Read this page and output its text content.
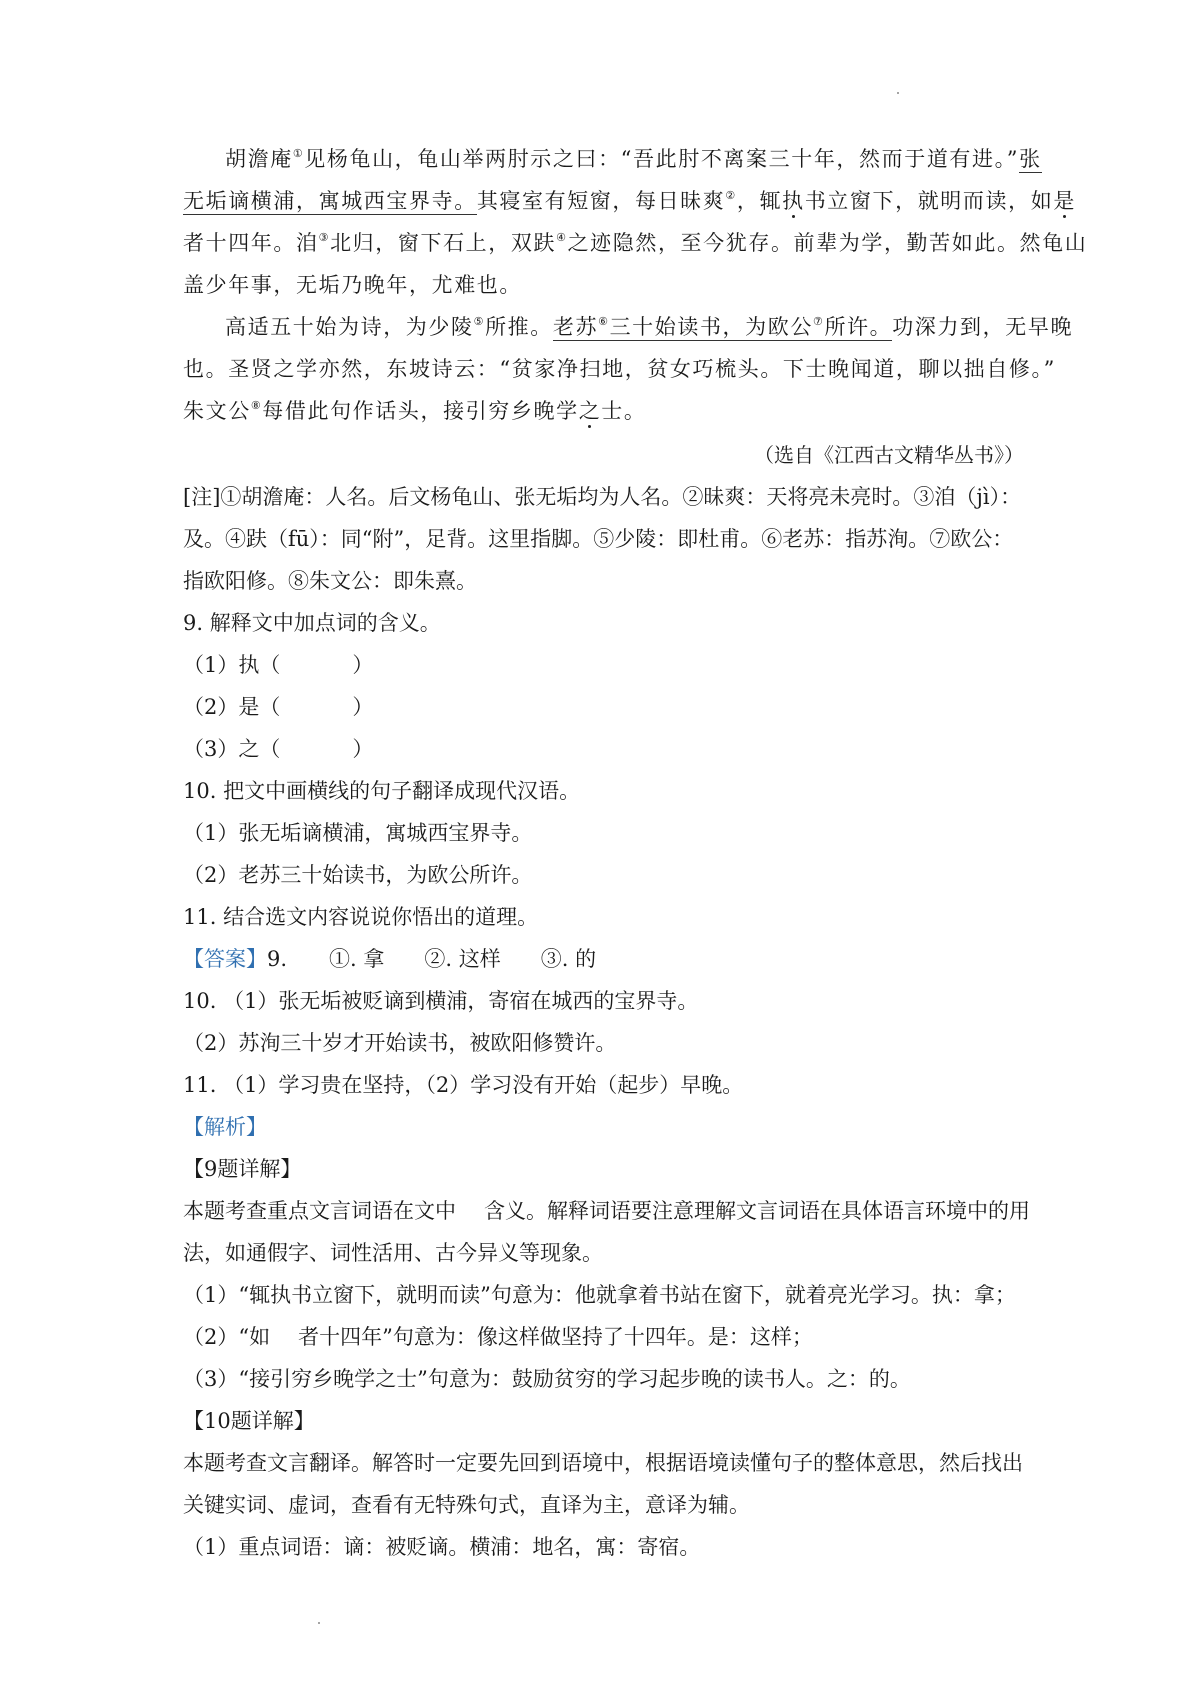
胡澹庵①见杨龟山，龟山举两肘示之曰：“吾此肘不离案三十年，然而于道有进。”张
无垢谪横浦，寓城西宝界寺。其寝室有短窗，每日昧爽②，辄执书立窗下，就明而读，如是
者十四年。洎③北归，窗下石上，双趺④之迹隐然，至今犹存。前辈为学，勤苦如此。然龟山
盖少年事，无垢乃晚年，尤难也。
高适五十始为诗，为少陵⑤所推。老苏⑥三十始读书，为欧公⑦所许。功深力到，无早晚
也。圣贤之学亦然，东坡诗云：“贫家净扫地，贫女巧梳头。下士晚闻道，聊以拙自修。”
朱文公⑧每借此句作话头，接引穷乡晚学之士。
（选自《江西古文精华丛书》）
[注]①胡澹庵：人名。后文杨龟山、张无垢均为人名。②昧爽：天将亮未亮时。③洎（jì）：
及。④趺（fū）：同“附”，足背。这里指脚。⑤少陵：即杜甫。⑥老苏：指苏洵。⑦欧公：
指欧阳修。⑧朱文公：即朱熹。
9. 解释文中加点词的含义。
（1）执（	）
（2）是（	）
（3）之（	）
10. 把文中画横线的句子翻译成现代汉语。
（1）张无垢谪横浦，寓城西宝界寺。
（2）老苏三十始读书，为欧公所许。
11. 结合选文内容说说你悟出的道理。
【答案】9. ①. 拿 ②. 这样 ③. 的
10. （1）张无垢被贬谪到横浦，寄宿在城西的宝界寺。
（2）苏洵三十岁才开始读书，被欧阳修赞许。
11. （1）学习贵在坚持，（2）学习没有开始（起步）早晚。
【解析】
【9题详解】
本题考查重点文言词语在文中 含义。解释词语要注意理解文言词语在具体语言环境中的用
法，如通假字、词性活用、古今异义等现象。
（1）“辄执书立窗下，就明而读”句意为：他就拿着书站在窗下，就着亮光学习。执：拿；
（2）“如 者十四年”句意为：像这样做坚持了十四年。是：这样；
（3）“接引穷乡晚学之士”句意为：鼓励贫穷的学习起步晚的读书人。之：的。
【10题详解】
本题考查文言翻译。解答时一定要先回到语境中，根据语境读懂句子的整体意思，然后找出
关键实词、虚词，查看有无特殊句式，直译为主，意译为辅。
（1）重点词语：谪：被贬谪。横浦：地名，寓：寄宿。
